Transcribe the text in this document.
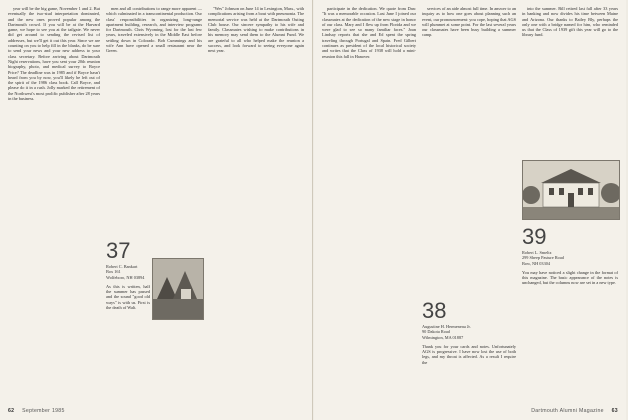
year will be the big game, November 1 and 2. But eventually the two-stud interpretation dominated, and the new ones proved popular among the Dartmouth crowd. If you will be at the Harvard game, we hope to see you at the tailgate. We never did get around to sending the revised list of addresses, but we'll get it out this year. Since we are counting on you to help fill in the blanks, do be sure to send your news and your new address to your class secretary. Before arriving about Dartmouth Night reservations, have you sent your 20th reunion biography, photo, and medical survey to Boyce Price? The deadline was in 1985 and if Boyce hasn't heard from you by now, you'll likely be left out of the spirit of the 1986 class book. Call Boyce, and please do it in a rush. Jolly marked the retirement of the Northwest's most prolific publisher after 28 years in the business.

men and all contributions to range more apparent — which culminated in a transcontinental production. Our class' responsibilities in organizing long-range apartment building, research, and interview programs for Dartmouth. Chris Wyoming, lost for the last few years, traveled extensively in the Middle East before settling down in Colorado. Bob Cummings and his wife Ann have opened a small restaurant near the Green.

"Wes" Johnson on June 14 in Lexington, Mass., with complications arising from a bout with pneumonia. The memorial service was held at the Dartmouth Outing Club house. Our sincere sympathy to his wife and family. Classmates wishing to make contributions in his memory may send them to the Alumni Fund. We are grateful to all who helped make the reunion a success, and look forward to seeing everyone again next year.

37
Robert C. Bankart
Box 161
Wolfeboro, NH 03894
As this is written, half the summer has passed and the sound "good old ways" is with us. First is the death of Walt.
62 September 1985

participate in the dedication. We quote from Dan: "It was a memorable occasion. Last June I joined our classmates at the dedication of the new stage in honor of our class. Mary and I flew up from Florida and we were glad to see so many familiar faces." Joan Lindsay reports that she and Ed spent the spring traveling through Portugal and Spain. Fred Gilbert continues as president of the local historical society and writes that the Class of 1938 will hold a mini-reunion this fall in Hanover.

services of an aide almost full time. In answer to an inquiry as to how one goes about planning such an event, our pronouncement: you cope, hoping that AGS will plummet at some point. For the last several years our classmates have been busy building a summer camp.

into the summer. Bill retired last fall after 33 years in banking and now divides his time between Maine and Arizona. Our thanks to Bailey Bly, perhaps the only one with a bridge named for him, who reminded us that the Class of 1939 gift this year will go to the library fund.

38
Augustine H. Hermeneau Jr.
90 Dakota Road
Wilmington, MA 01887
Thank you for your cards and notes. Unfortunately AGS is progressive. I have now lost the use of both legs, and my throat is affected. As a result I require the
39
Robert L. Smeltz
299 Sheep Pasture Road
Bow, NH 03304
You may have noticed a slight change in the format of this magazine. The basic appearance of the notes is unchanged, but the columns now are set in a new type.
Dartmouth Alumni Magazine 63
